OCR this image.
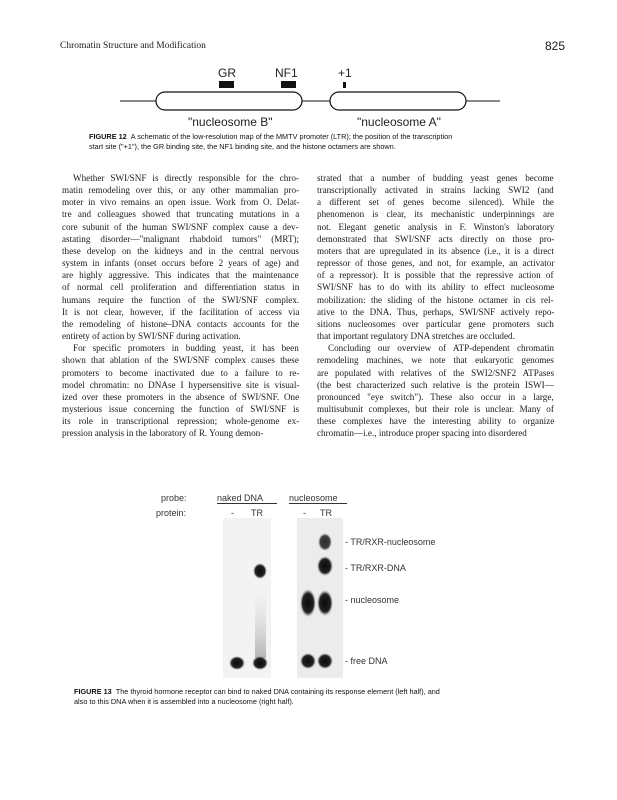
Chromatin Structure and Modification	825
GR	NF1	+1
"nucleosome B"	"nucleosome A"
FIGURE 12 A schematic of the low-resolution map of the MMTV promoter (LTR); the position of the transcription
start site ("+1"), the GR binding site, the NF1 binding site, and the histone octamers are shown.
Whether SWI/SNF is directly responsible for the chro-
matin remodeling over this, or any other mammalian pro-
moter in vivo remains an open issue. Work from O. Delat-
tre and colleagues showed that truncating mutations in a
core subunit of the human SWI/SNF complex cause a dev-
astating disorder—"malignant rhabdoid tumors" (MRT);
these develop on the kidneys and in the central nervous
system in infants (onset occurs before 2 years of age) and
are highly aggressive. This indicates that the maintenance
of normal cell proliferation and differentiation status in
humans require the function of the SWI/SNF complex.
It is not clear, however, if the facilitation of access via
the remodeling of histone–DNA contacts accounts for the
entirety of action by SWI/SNF during activation.
For specific promoters in budding yeast, it has been
shown that ablation of the SWI/SNF complex causes these
promoters to become inactivated due to a failure to re-
model chromatin: no DNAse I hypersensitive site is visual-
ized over these promoters in the absence of SWI/SNF. One
mysterious issue concerning the function of SWI/SNF is
its role in transcriptional repression; whole-genome ex-
pression analysis in the laboratory of R. Young demon-
strated that a number of budding yeast genes become
transcriptionally activated in strains lacking SWI2 (and
a different set of genes become silenced). While the
phenomenon is clear, its mechanistic underpinnings are
not. Elegant genetic analysis in F. Winston's laboratory
demonstrated that SWI/SNF acts directly on those pro-
moters that are upregulated in its absence (i.e., it is a direct
repressor of those genes, and not, for example, an activator
of a repressor). It is possible that the repressive action of
SWI/SNF has to do with its ability to effect nucleosome
mobilization: the sliding of the histone octamer in cis rel-
ative to the DNA. Thus, perhaps, SWI/SNF actively repo-
sitions nucleosomes over particular gene promoters such
that important regulatory DNA stretches are occluded.
Concluding our overview of ATP-dependent chromatin
remodeling machines, we note that eukaryotic genomes
are populated with relatives of the SWI2/SNF2 ATPases
(the best characterized such relative is the protein ISWI—
pronounced "eye switch"). These also occur in a large,
multisubunit complexes, but their role is unclear. Many of
these complexes have the interesting ability to organize
chromatin—i.e., introduce proper spacing into disordered
probe:	naked DNA	nucleosome
protein:	- TR	- TR
- TR/RXR-nucleosome
- TR/RXR-DNA
- nucleosome
- free DNA
FIGURE 13 The thyroid hormone receptor can bind to naked DNA containing its response element (left half), and
also to this DNA when it is assembled into a nucleosome (right half).
